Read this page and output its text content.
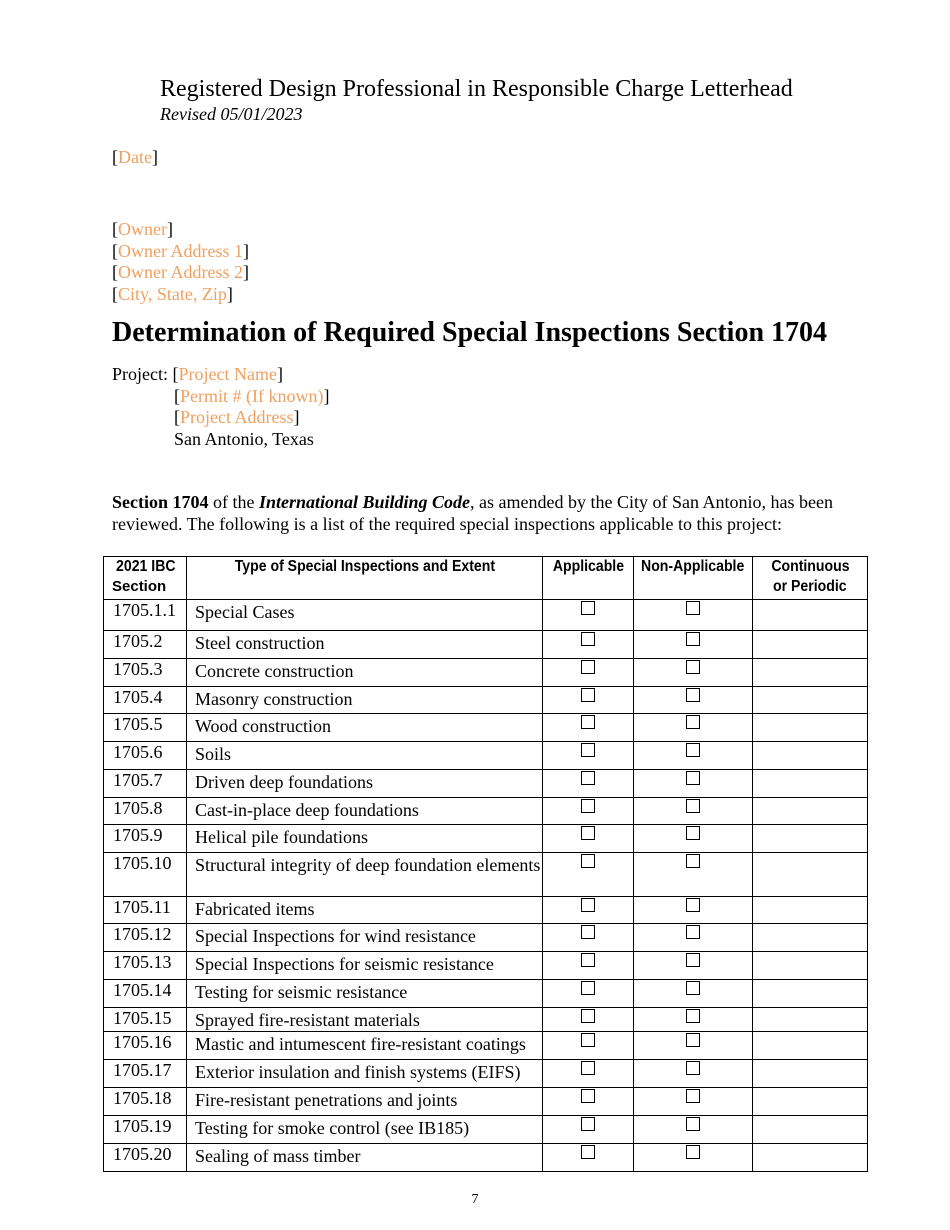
Registered Design Professional in Responsible Charge Letterhead
Revised 05/01/2023
[Date]
[Owner]
[Owner Address 1]
[Owner Address 2]
[City, State, Zip]
Determination of Required Special Inspections Section 1704
Project: [Project Name]
[Permit # (If known)]
[Project Address]
San Antonio, Texas
Section 1704 of the International Building Code, as amended by the City of San Antonio, has been reviewed. The following is a list of the required special inspections applicable to this project:
2021 IBC
Section	Type of Special Inspections and Extent	Applicable	Non-Applicable	Continuous
or Periodic
1705.1.1	Special Cases			
1705.2	Steel construction			
1705.3	Concrete construction			
1705.4	Masonry construction			
1705.5	Wood construction			
1705.6	Soils			
1705.7	Driven deep foundations			
1705.8	Cast-in-place deep foundations			
1705.9	Helical pile foundations			
1705.10	Structural integrity of deep foundation elements			
1705.11	Fabricated items			
1705.12	Special Inspections for wind resistance			
1705.13	Special Inspections for seismic resistance			
1705.14	Testing for seismic resistance			
1705.15	Sprayed fire-resistant materials			
1705.16	Mastic and intumescent fire-resistant coatings			
1705.17	Exterior insulation and finish systems (EIFS)			
1705.18	Fire-resistant penetrations and joints			
1705.19	Testing for smoke control (see IB185)			
1705.20	Sealing of mass timber			
7
